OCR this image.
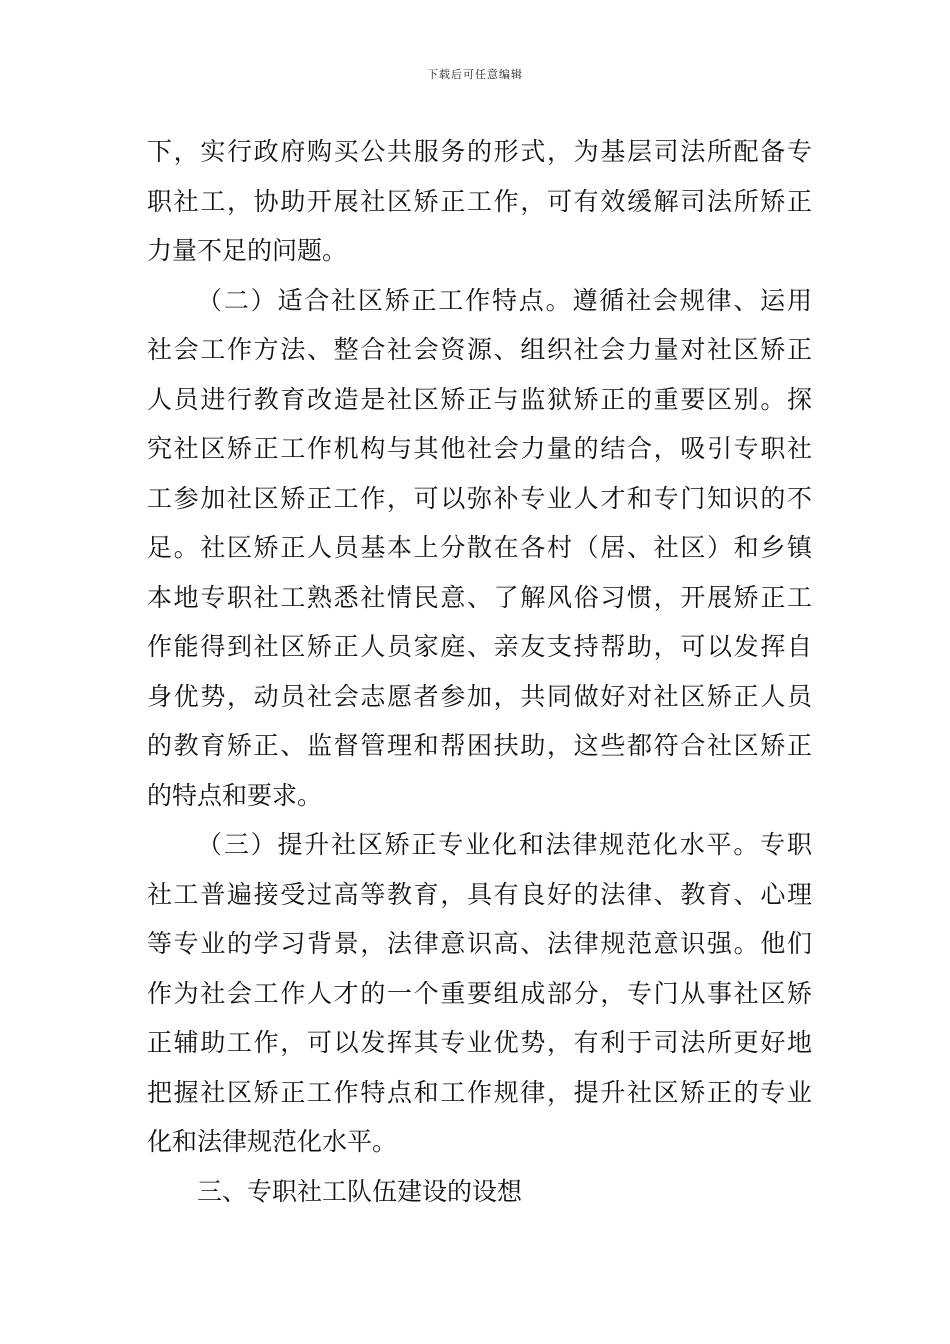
下载后可任意编辑

下，实行政府购买公共服务的形式，为基层司法所配备专
职社工，协助开展社区矫正工作，可有效缓解司法所矫正
力量不足的问题。

（二）适合社区矫正工作特点。遵循社会规律、运用
社会工作方法、整合社会资源、组织社会力量对社区矫正
人员进行教育改造是社区矫正与监狱矫正的重要区别。探
究社区矫正工作机构与其他社会力量的结合，吸引专职社
工参加社区矫正工作，可以弥补专业人才和专门知识的不
足。社区矫正人员基本上分散在各村（居、社区）和乡镇
本地专职社工熟悉社情民意、了解风俗习惯，开展矫正工
作能得到社区矫正人员家庭、亲友支持帮助，可以发挥自
身优势，动员社会志愿者参加，共同做好对社区矫正人员
的教育矫正、监督管理和帮困扶助，这些都符合社区矫正
的特点和要求。

（三）提升社区矫正专业化和法律规范化水平。专职
社工普遍接受过高等教育，具有良好的法律、教育、心理
等专业的学习背景，法律意识高、法律规范意识强。他们
作为社会工作人才的一个重要组成部分，专门从事社区矫
正辅助工作，可以发挥其专业优势，有利于司法所更好地
把握社区矫正工作特点和工作规律，提升社区矫正的专业
化和法律规范化水平。

三、专职社工队伍建设的设想
